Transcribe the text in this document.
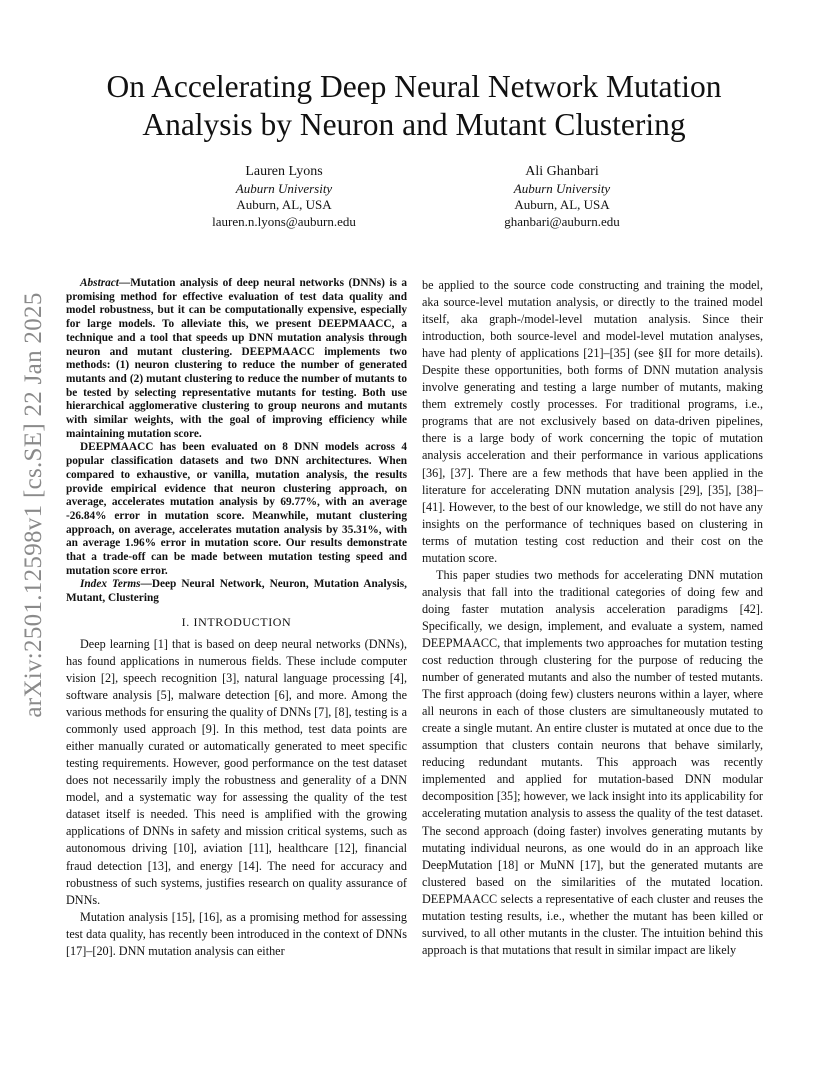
arXiv:2501.12598v1 [cs.SE] 22 Jan 2025
On Accelerating Deep Neural Network Mutation
Analysis by Neuron and Mutant Clustering
Lauren Lyons
Auburn University
Auburn, AL, USA
lauren.n.lyons@auburn.edu
Ali Ghanbari
Auburn University
Auburn, AL, USA
ghanbari@auburn.edu

Abstract—Mutation analysis of deep neural networks (DNNs) is a promising method for effective evaluation of test data quality and model robustness, but it can be computationally expensive, especially for large models. To alleviate this, we present DEEPMAACC, a technique and a tool that speeds up DNN mutation analysis through neuron and mutant clustering. DEEPMAACC implements two methods: (1) neuron clustering to reduce the number of generated mutants and (2) mutant clustering to reduce the number of mutants to be tested by selecting representative mutants for testing. Both use hierarchical agglomerative clustering to group neurons and mutants with similar weights, with the goal of improving efficiency while maintaining mutation score.

DEEPMAACC has been evaluated on 8 DNN models across 4 popular classification datasets and two DNN architectures. When compared to exhaustive, or vanilla, mutation analysis, the results provide empirical evidence that neuron clustering approach, on average, accelerates mutation analysis by 69.77%, with an average -26.84% error in mutation score. Meanwhile, mutant clustering approach, on average, accelerates mutation analysis by 35.31%, with an average 1.96% error in mutation score. Our results demonstrate that a trade-off can be made between mutation testing speed and mutation score error.

Index Terms—Deep Neural Network, Neuron, Mutation Analysis, Mutant, Clustering

I. INTRODUCTION

Deep learning [1] that is based on deep neural networks (DNNs), has found applications in numerous fields. These include computer vision [2], speech recognition [3], natural language processing [4], software analysis [5], malware detection [6], and more. Among the various methods for ensuring the quality of DNNs [7], [8], testing is a commonly used approach [9]. In this method, test data points are either manually curated or automatically generated to meet specific testing requirements. However, good performance on the test dataset does not necessarily imply the robustness and generality of a DNN model, and a systematic way for assessing the quality of the test dataset itself is needed. This need is amplified with the growing applications of DNNs in safety and mission critical systems, such as autonomous driving [10], aviation [11], healthcare [12], financial fraud detection [13], and energy [14]. The need for accuracy and robustness of such systems, justifies research on quality assurance of DNNs.

Mutation analysis [15], [16], as a promising method for assessing test data quality, has recently been introduced in the context of DNNs [17]–[20]. DNN mutation analysis can either

be applied to the source code constructing and training the model, aka source-level mutation analysis, or directly to the trained model itself, aka graph-/model-level mutation analysis. Since their introduction, both source-level and model-level mutation analyses, have had plenty of applications [21]–[35] (see §II for more details). Despite these opportunities, both forms of DNN mutation analysis involve generating and testing a large number of mutants, making them extremely costly processes. For traditional programs, i.e., programs that are not exclusively based on data-driven pipelines, there is a large body of work concerning the topic of mutation analysis acceleration and their performance in various applications [36], [37]. There are a few methods that have been applied in the literature for accelerating DNN mutation analysis [29], [35], [38]–[41]. However, to the best of our knowledge, we still do not have any insights on the performance of techniques based on clustering in terms of mutation testing cost reduction and their cost on the mutation score.

This paper studies two methods for accelerating DNN mutation analysis that fall into the traditional categories of doing few and doing faster mutation analysis acceleration paradigms [42]. Specifically, we design, implement, and evaluate a system, named DEEPMAACC, that implements two approaches for mutation testing cost reduction through clustering for the purpose of reducing the number of generated mutants and also the number of tested mutants. The first approach (doing few) clusters neurons within a layer, where all neurons in each of those clusters are simultaneously mutated to create a single mutant. An entire cluster is mutated at once due to the assumption that clusters contain neurons that behave similarly, reducing redundant mutants. This approach was recently implemented and applied for mutation-based DNN modular decomposition [35]; however, we lack insight into its applicability for accelerating mutation analysis to assess the quality of the test dataset. The second approach (doing faster) involves generating mutants by mutating individual neurons, as one would do in an approach like DeepMutation [18] or MuNN [17], but the generated mutants are clustered based on the similarities of the mutated location. DEEPMAACC selects a representative of each cluster and reuses the mutation testing results, i.e., whether the mutant has been killed or survived, to all other mutants in the cluster. The intuition behind this approach is that mutations that result in similar impact are likely
